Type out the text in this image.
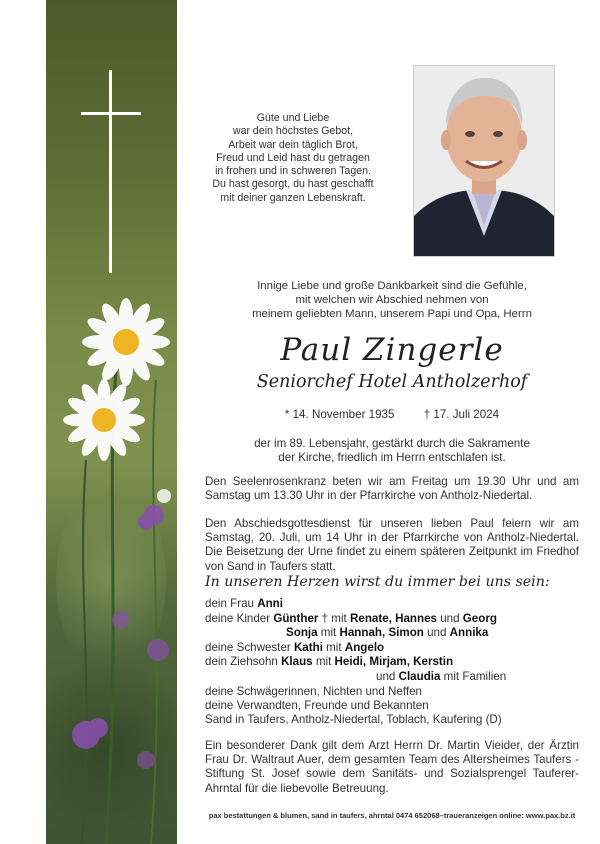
Güte und Liebe
war dein höchstes Gebot,
Arbeit war dein täglich Brot,
Freud und Leid hast du getragen
in frohen und in schweren Tagen.
Du hast gesorgt, du hast geschafft
mit deiner ganzen Lebenskraft.
Innige Liebe und große Dankbarkeit sind die Gefühle,
mit welchen wir Abschied nehmen von
meinem geliebten Mann, unserem Papi und Opa, Herrn
Paul Zingerle
Seniorchef Hotel Antholzerhof
* 14. November 1935	† 17. Juli 2024
der im 89. Lebensjahr, gestärkt durch die Sakramente
der Kirche, friedlich im Herrn entschlafen ist.
Den Seelenrosenkranz beten wir am Freitag um 19.30 Uhr und am Samstag um 13.30 Uhr in der Pfarrkirche von Antholz-Niedertal.
Den Abschiedsgottesdienst für unseren lieben Paul feiern wir am Samstag, 20. Juli, um 14 Uhr in der Pfarrkirche von Antholz-Niedertal. Die Beisetzung der Urne findet zu einem späteren Zeitpunkt im Friedhof von Sand in Taufers statt.
In unseren Herzen wirst du immer bei uns sein:
dein Frau Anni
deine Kinder Günther † mit Renate, Hannes und Georg
Sonja mit Hannah, Simon und Annika
deine Schwester Kathi mit Angelo
dein Ziehsohn Klaus mit Heidi, Mirjam, Kerstin
und Claudia mit Familien
deine Schwägerinnen, Nichten und Neffen
deine Verwandten, Freunde und Bekannten
Sand in Taufers, Antholz-Niedertal, Toblach, Kaufering (D)
Ein besonderer Dank gilt dem Arzt Herrn Dr. Martin Vieider, der Ärztin Frau Dr. Waltraut Auer, dem gesamten Team des Altersheimes Taufers - Stiftung St. Josef sowie dem Sanitäts- und Sozialsprengel Tauferer-Ahrntal für die liebevolle Betreuung.
pax bestattungen & blumen, sand in taufers, ahrntal 0474 652068–traueranzeigen online: www.pax.bz.it
